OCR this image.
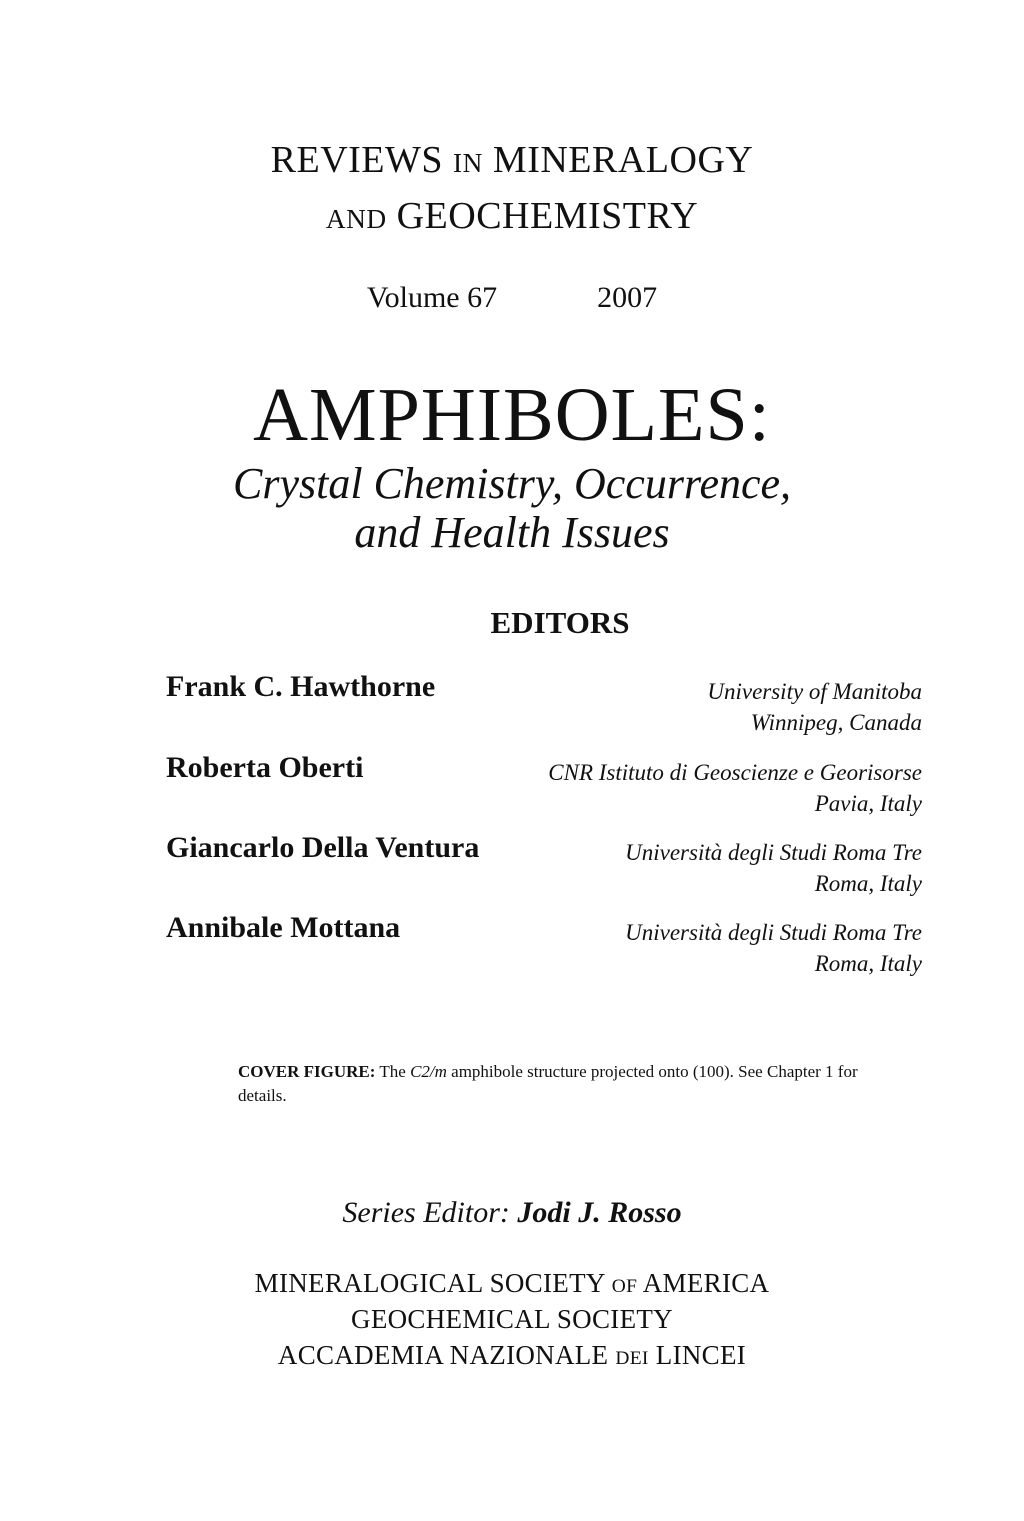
REVIEWS IN MINERALOGY
AND GEOCHEMISTRY
Volume 67	2007
AMPHIBOLES:
Crystal Chemistry, Occurrence,
and Health Issues
EDITORS
Frank C. Hawthorne	University of Manitoba
Winnipeg, Canada
Roberta Oberti	CNR Istituto di Geoscienze e Georisorse
Pavia, Italy
Giancarlo Della Ventura	Università degli Studi Roma Tre
Roma, Italy
Annibale Mottana	Università degli Studi Roma Tre
Roma, Italy
COVER FIGURE: The C2/m amphibole structure projected onto (100). See Chapter 1 for details.
Series Editor: Jodi J. Rosso
MINERALOGICAL SOCIETY OF AMERICA
GEOCHEMICAL SOCIETY
ACCADEMIA NAZIONALE DEI LINCEI
